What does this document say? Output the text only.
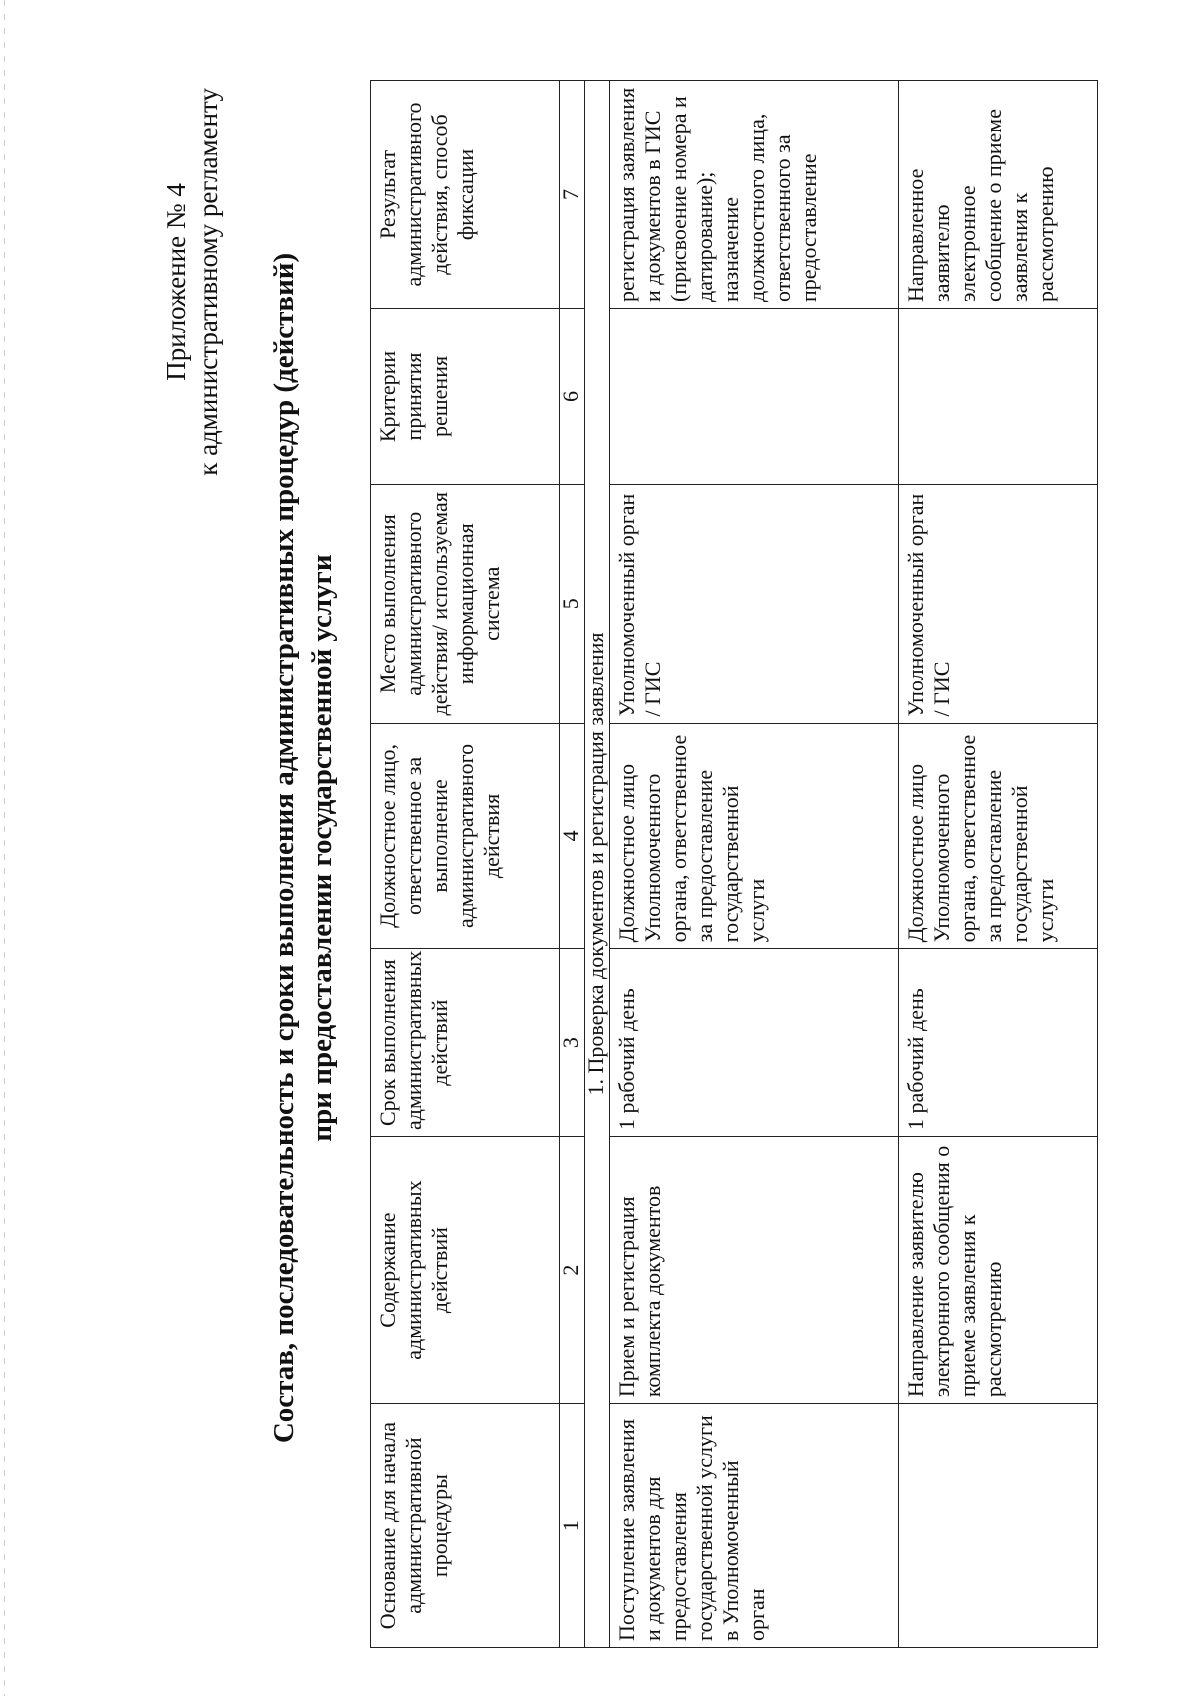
Приложение № 4 к административному регламенту Состав, последовательность и сроки выполнения административных процедур (действий) при предоставлении государственной услуги
Основание для начала административной процедуры	Содержание административных действий	Срок выполнения административных действий	Должностное лицо, ответственное за выполнение административного действия	Место выполнения административного действия/ используемая информационная система	Критерии принятия решения	Результат административного действия, способ фиксации
1	2	3	4	5	6	7
1. Проверка документов и регистрация заявления						
Поступление заявления и документов для предоставления государственной услуги в Уполномоченный орган	Прием и регистрация комплекта документов	1 рабочий день	Должностное лицо Уполномоченного органа, ответственное за предоставление государственной услуги	Уполномоченный орган / ГИС		регистрация заявления и документов в ГИС (присвоение номера и датирование); назначение должностного лица, ответственного за предоставление
	Направление заявителю электронного сообщения о приеме заявления к рассмотрению	1 рабочий день	Должностное лицо Уполномоченного органа, ответственное за предоставление государственной услуги	Уполномоченный орган / ГИС		Направленное заявителю электронное сообщение о приеме заявления к рассмотрению
